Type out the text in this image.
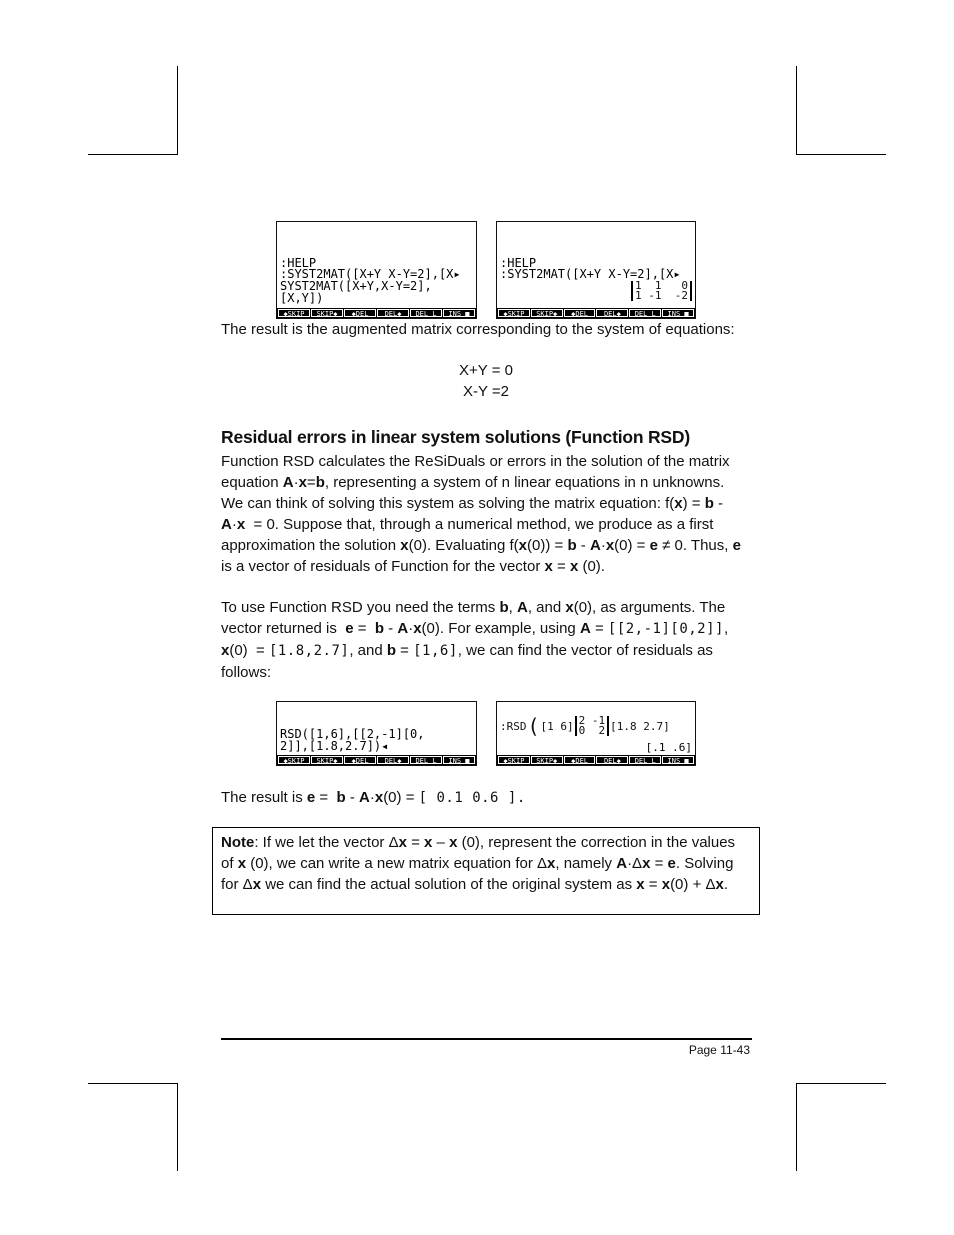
:HELP
:SYST2MAT([X+Y X-Y=2],[X▸
SYST2MAT([X+Y,X-Y=2],
[X,Y])
◆SKIP	SKIP◆	◆DEL	DEL◆	DEL L	INS ■
:HELP
:SYST2MAT([X+Y X-Y=2],[X▸
1  1   0
1 -1  -2
◆SKIP	SKIP◆	◆DEL	DEL◆	DEL L	INS ■
The result is the augmented matrix corresponding to the system of equations:
X+Y = 0
X-Y =2
Residual errors in linear system solutions (Function RSD)
Function RSD calculates the ReSiDuals or errors in the solution of the matrix equation A·x=b, representing a system of n linear equations in n unknowns. We can think of solving this system as solving the matrix equation: f(x) = b - A·x  = 0. Suppose that, through a numerical method, we produce as a first approximation the solution x(0). Evaluating f(x(0)) = b - A·x(0) = e ≠ 0. Thus, e is a vector of residuals of Function for the vector x = x (0).
To use Function RSD you need the terms b, A, and x(0), as arguments. The vector returned is  e =  b - A·x(0). For example, using A = [[2,-1][0,2]], x(0)  = [1.8,2.7], and b = [1,6], we can find the vector of residuals as follows:
RSD([1,6],[[2,-1][0,
2]],[1.8,2.7])◂
◆SKIP	SKIP◆	◆DEL	DEL◆	DEL L	INS ■
:RSD ( [1 6] 2 -1
0  2 [1.8 2.7]
[.1 .6]
◆SKIP	SKIP◆	◆DEL	DEL◆	DEL L	INS ■
The result is e =  b - A·x(0) = [ 0.1 0.6 ].
Note: If we let the vector Δx = x – x (0), represent the correction in the values of x (0), we can write a new matrix equation for Δx, namely A·Δx = e. Solving for Δx we can find the actual solution of the original system as x = x(0) + Δx.
Page 11-43
